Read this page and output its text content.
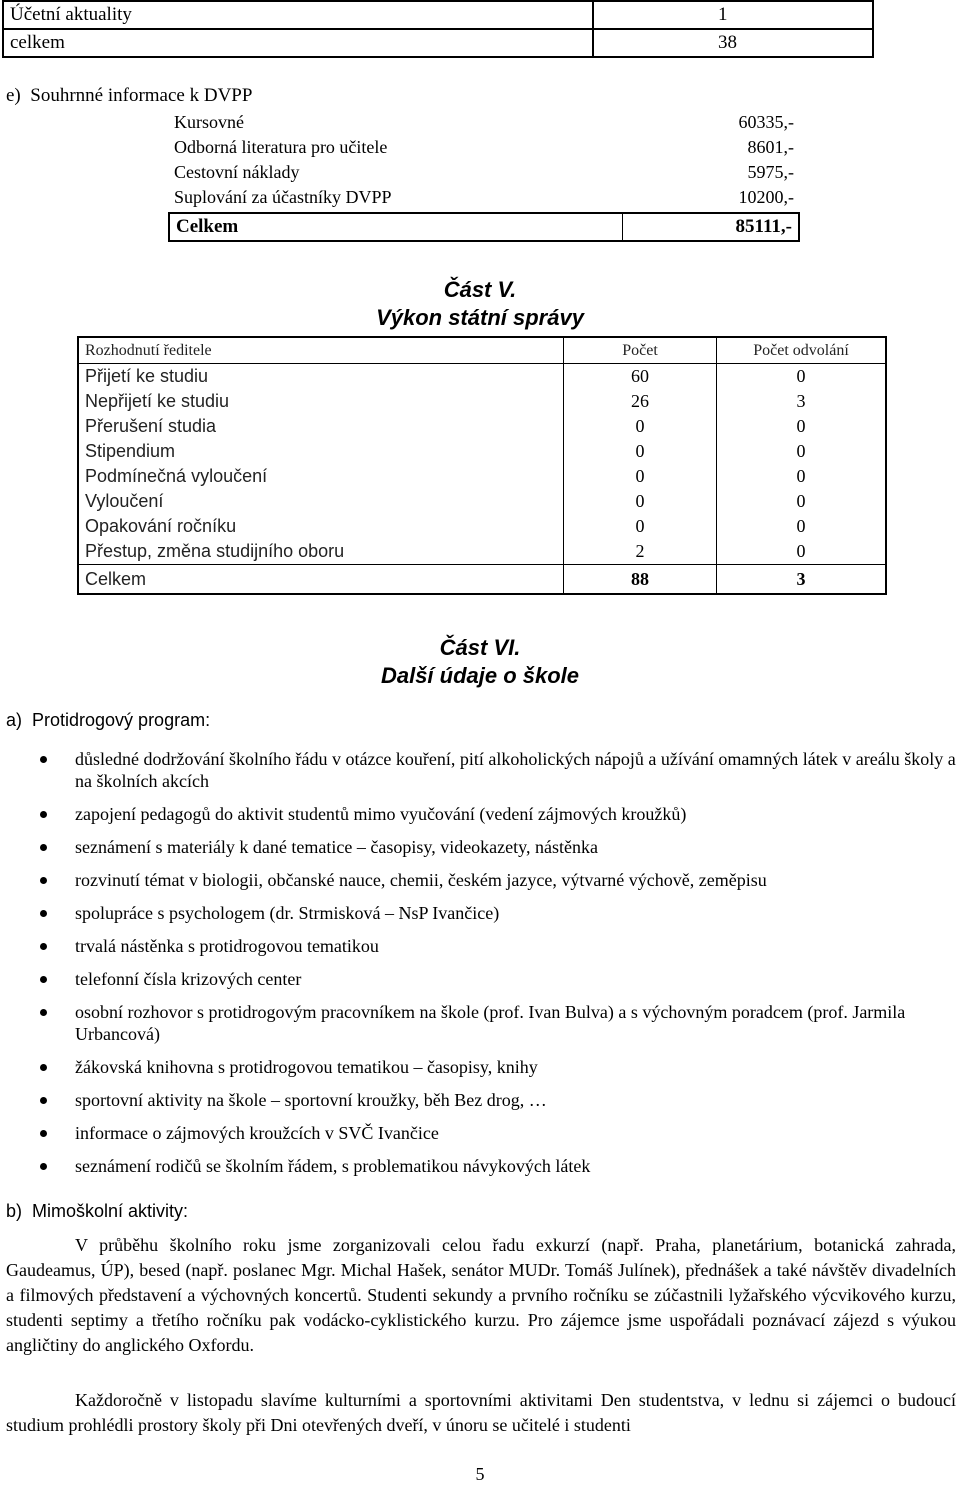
Účetní aktuality	1
celkem	38
e)  Souhrnné informace k DVPP
Kursovné	60335,-
Odborná literatura pro učitele	8601,-
Cestovní náklady	5975,-
Suplování za účastníky DVPP	10200,-
Celkem	85111,-
Část V.
Výkon státní správy
Rozhodnutí ředitele	Počet	Počet odvolání
Přijetí ke studiu	60	0
Nepřijetí ke studiu	26	3
Přerušení studia	0	0
Stipendium	0	0
Podmínečná vyloučení	0	0
Vyloučení	0	0
Opakování ročníku	0	0
Přestup, změna studijního oboru	2	0
Celkem	88	3
Část VI.
Další údaje o škole
a)  Protidrogový program:
důsledné dodržování školního řádu v otázce kouření, pití alkoholických nápojů a užívání omamných látek v areálu školy a na školních akcích
zapojení pedagogů do aktivit studentů mimo vyučování (vedení zájmových kroužků)
seznámení s materiály k dané tematice – časopisy, videokazety, nástěnka
rozvinutí témat v biologii, občanské nauce, chemii, českém jazyce, výtvarné výchově, zeměpisu
spolupráce s psychologem (dr. Strmisková – NsP Ivančice)
trvalá nástěnka s protidrogovou tematikou
telefonní čísla krizových center
osobní rozhovor s protidrogovým pracovníkem na škole (prof. Ivan Bulva) a s výchovným poradcem (prof. Jarmila Urbancová)
žákovská knihovna s protidrogovou tematikou – časopisy, knihy
sportovní aktivity na škole – sportovní kroužky, běh Bez drog, …
informace o zájmových kroužcích v SVČ Ivančice
seznámení rodičů se školním řádem, s problematikou návykových látek
b)  Mimoškolní aktivity:
V průběhu školního roku jsme zorganizovali celou řadu exkurzí (např. Praha, planetárium, botanická zahrada, Gaudeamus, ÚP), besed (např. poslanec Mgr. Michal Hašek, senátor MUDr. Tomáš Julínek), přednášek a také návštěv divadelních a filmových představení a výchovných koncertů. Studenti sekundy a prvního ročníku se zúčastnili lyžařského výcvikového kurzu, studenti septimy a třetího ročníku pak vodácko-cyklistického kurzu. Pro zájemce jsme uspořádali poznávací zájezd s výukou angličtiny do anglického Oxfordu.
Každoročně v listopadu slavíme kulturními a sportovními aktivitami Den studentstva, v lednu si zájemci o budoucí studium prohlédli prostory školy při Dni otevřených dveří, v únoru se učitelé i studenti
5
